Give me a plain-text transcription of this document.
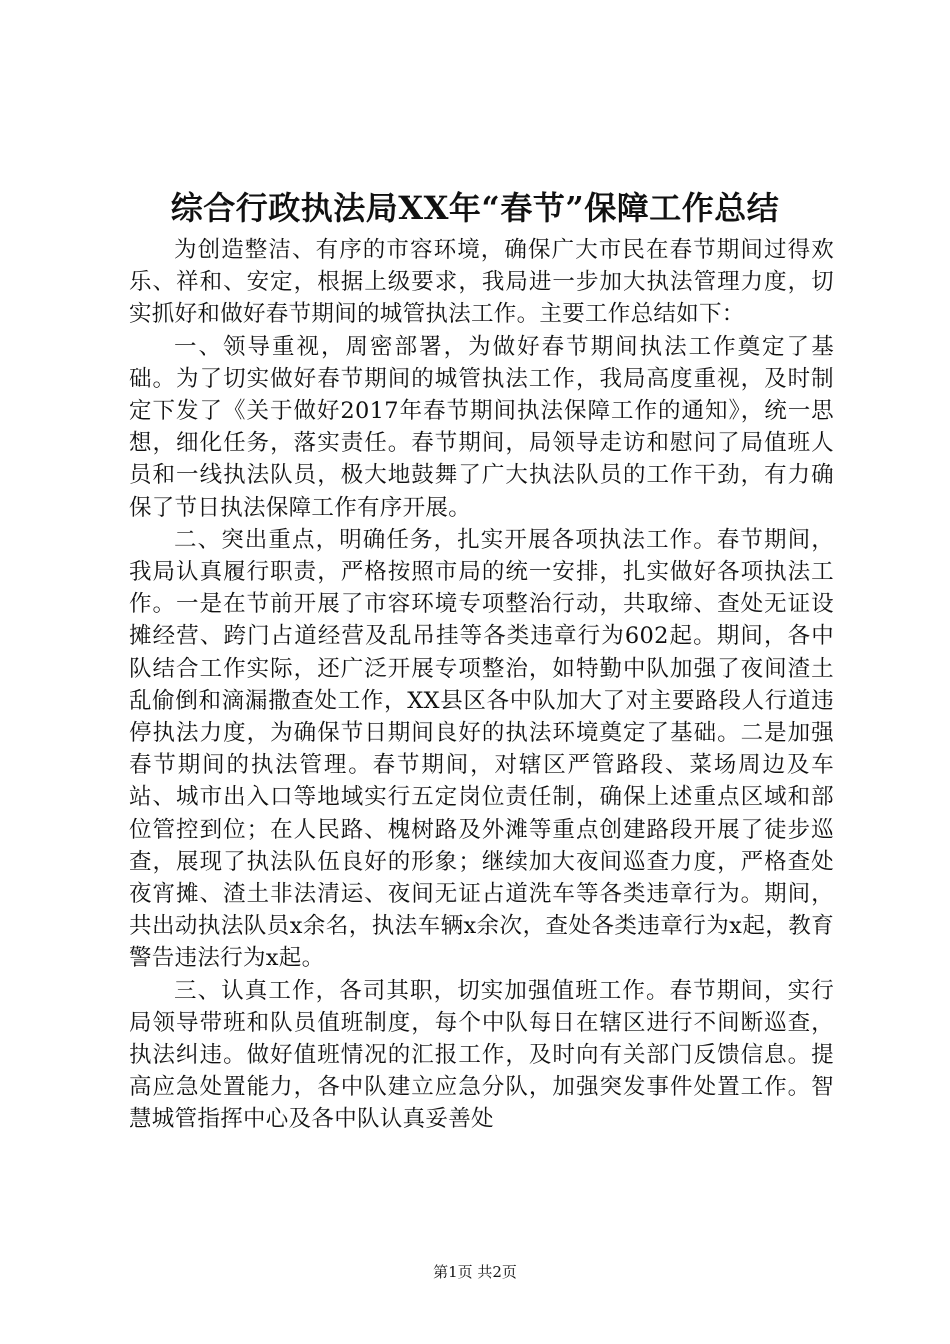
综合行政执法局XX年“春节”保障工作总结

为创造整洁、有序的市容环境，确保广大市民在春节期间过得欢乐、祥和、安定，根据上级要求，我局进一步加大执法管理力度，切实抓好和做好春节期间的城管执法工作。主要工作总结如下：

一、领导重视，周密部署，为做好春节期间执法工作奠定了基础。为了切实做好春节期间的城管执法工作，我局高度重视，及时制定下发了《关于做好2017年春节期间执法保障工作的通知》，统一思想，细化任务，落实责任。春节期间，局领导走访和慰问了局值班人员和一线执法队员，极大地鼓舞了广大执法队员的工作干劲，有力确保了节日执法保障工作有序开展。

二、突出重点，明确任务，扎实开展各项执法工作。春节期间，我局认真履行职责，严格按照市局的统一安排，扎实做好各项执法工作。一是在节前开展了市容环境专项整治行动，共取缔、查处无证设摊经营、跨门占道经营及乱吊挂等各类违章行为602起。期间，各中队结合工作实际，还广泛开展专项整治，如特勤中队加强了夜间渣土乱偷倒和滴漏撒查处工作，XX县区各中队加大了对主要路段人行道违停执法力度，为确保节日期间良好的执法环境奠定了基础。二是加强春节期间的执法管理。春节期间，对辖区严管路段、菜场周边及车站、城市出入口等地域实行五定岗位责任制，确保上述重点区域和部位管控到位；在人民路、槐树路及外滩等重点创建路段开展了徒步巡查，展现了执法队伍良好的形象；继续加大夜间巡查力度，严格查处夜宵摊、渣土非法清运、夜间无证占道洗车等各类违章行为。期间，共出动执法队员x余名，执法车辆x余次，查处各类违章行为x起，教育警告违法行为x起。

三、认真工作，各司其职，切实加强值班工作。春节期间，实行局领导带班和队员值班制度，每个中队每日在辖区进行不间断巡查，执法纠违。做好值班情况的汇报工作，及时向有关部门反馈信息。提高应急处置能力，各中队建立应急分队，加强突发事件处置工作。智慧城管指挥中心及各中队认真妥善处

第1页 共2页
